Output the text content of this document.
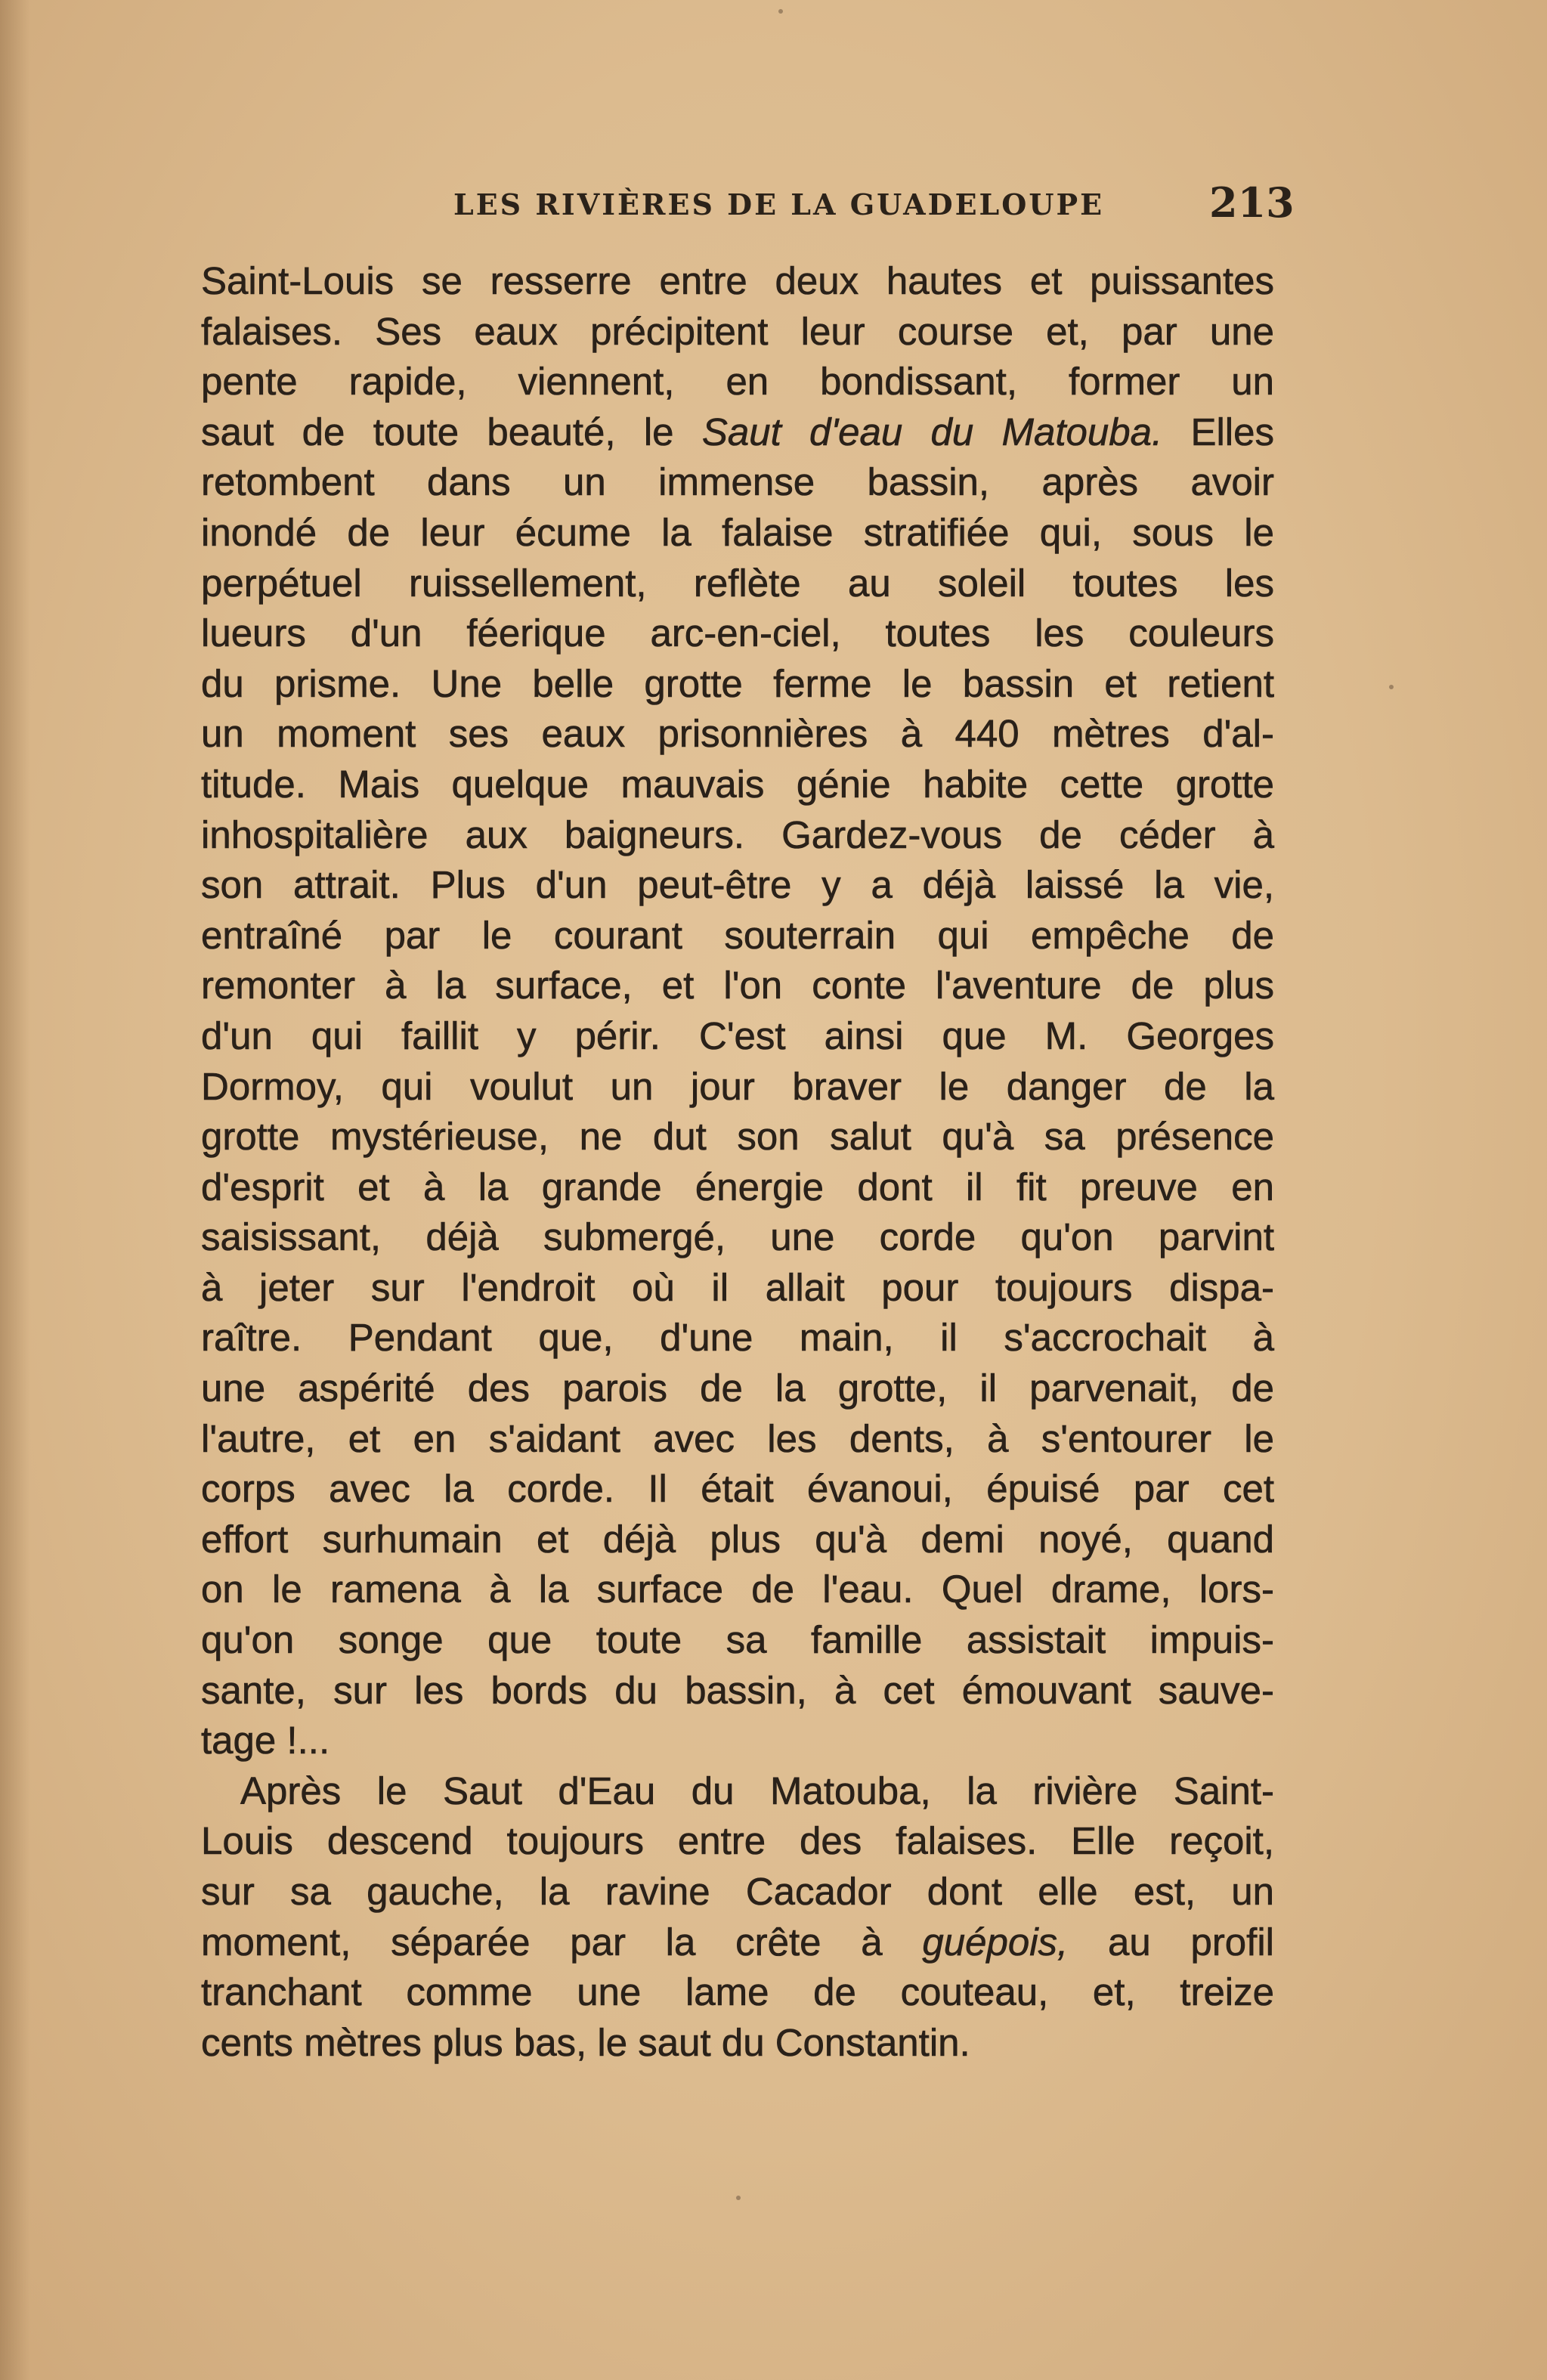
LES RIVIÈRES DE LA GUADELOUPE	213
Saint-Louis se resserre entre deux hautes et puissantes
falaises. Ses eaux précipitent leur course et, par une
pente rapide, viennent, en bondissant, former un
saut de toute beauté, le Saut d'eau du Matouba. Elles
retombent dans un immense bassin, après avoir
inondé de leur écume la falaise stratifiée qui, sous le
perpétuel ruissellement, reflète au soleil toutes les
lueurs d'un féerique arc-en-ciel, toutes les couleurs
du prisme. Une belle grotte ferme le bassin et retient
un moment ses eaux prisonnières à 440 mètres d'al-
titude. Mais quelque mauvais génie habite cette grotte
inhospitalière aux baigneurs. Gardez-vous de céder à
son attrait. Plus d'un peut-être y a déjà laissé la vie,
entraîné par le courant souterrain qui empêche de
remonter à la surface, et l'on conte l'aventure de plus
d'un qui faillit y périr. C'est ainsi que M. Georges
Dormoy, qui voulut un jour braver le danger de la
grotte mystérieuse, ne dut son salut qu'à sa présence
d'esprit et à la grande énergie dont il fit preuve en
saisissant, déjà submergé, une corde qu'on parvint
à jeter sur l'endroit où il allait pour toujours dispa-
raître. Pendant que, d'une main, il s'accrochait à
une aspérité des parois de la grotte, il parvenait, de
l'autre, et en s'aidant avec les dents, à s'entourer le
corps avec la corde. Il était évanoui, épuisé par cet
effort surhumain et déjà plus qu'à demi noyé, quand
on le ramena à la surface de l'eau. Quel drame, lors-
qu'on songe que toute sa famille assistait impuis-
sante, sur les bords du bassin, à cet émouvant sauve-
tage !...
Après le Saut d'Eau du Matouba, la rivière Saint-
Louis descend toujours entre des falaises. Elle reçoit,
sur sa gauche, la ravine Cacador dont elle est, un
moment, séparée par la crête à guépois, au profil
tranchant comme une lame de couteau, et, treize
cents mètres plus bas, le saut du Constantin.
